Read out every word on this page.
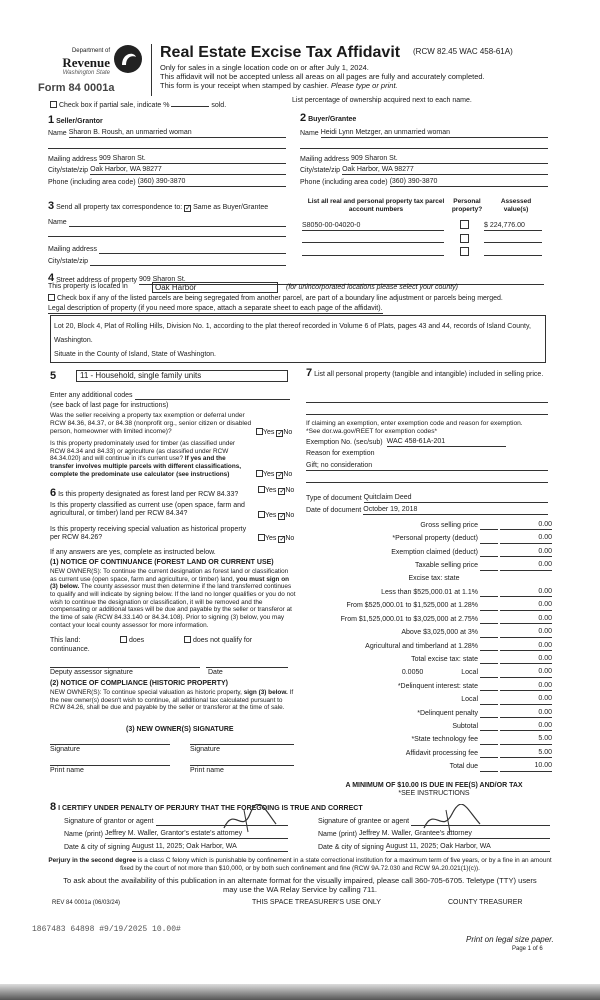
Department of
Revenue
Washington State
Form 84 0001a
Real Estate Excise Tax Affidavit (RCW 82.45 WAC 458-61A)
Only for sales in a single location code on or after July 1, 2024.
This affidavit will not be accepted unless all areas on all pages are fully and accurately completed.
This form is your receipt when stamped by cashier. Please type or print.
Check box if partial sale, indicate %	sold.
List percentage of ownership acquired next to each name.
1 Seller/Grantor
Name Sharon B. Roush, an unmarried woman
Mailing address 909 Sharon St.
City/state/zip Oak Harbor, WA 98277
Phone (including area code) (360) 390-3870
2 Buyer/Grantee
Name Heidi Lynn Metzger, an unmarried woman
Mailing address 909 Sharon St.
City/state/zip Oak Harbor, WA 98277
Phone (including area code) (360) 390-3870
3 Send all property tax correspondence to: ✓ Same as Buyer/Grantee
Name
Mailing address
City/state/zip
List all real and personal property tax parcel account numbers
Personal property?
Assessed value(s)
S8050-00-04020-0	$ 224,776.00
4
Street address of property 909 Sharon St.
This property is located in	Oak Harbor	(for unincorporated locations please select your county)
Check box if any of the listed parcels are being segregated from another parcel, are part of a boundary line adjustment or parcels being merged.
Legal description of property (if you need more space, attach a separate sheet to each page of the affidavit).
Lot 20, Block 4, Plat of Rolling Hills, Division No. 1, according to the plat thereof recorded in Volume 6 of Plats, pages 43 and 44, records of Island County, Washington.
Situate in the County of Island, State of Washington.
5	11 - Household, single family units
Enter any additional codes
(see back of last page for instructions)
Was the seller receiving a property tax exemption or deferral under RCW 84.36, 84.37, or 84.38 (nonprofit org., senior citizen or disabled person, homeowner with limited income)?	Yes ✓No
Is this property predominately used for timber (as classified under RCW 84.34 and 84.33) or agriculture (as classified under RCW 84.34.020) and will continue in it's current use? If yes and the transfer involves multiple parcels with different classifications, complete the predominate use calculator (see instructions)	Yes ✓No
6 Is this property designated as forest land per RCW 84.33?
Yes ✓No
Is this property classified as current use (open space, farm and agricultural, or timber) land per RCW 84.34?	Yes ✓No
Is this property receiving special valuation as historical property per RCW 84.26?	Yes ✓No
If any answers are yes, complete as instructed below.
(1) NOTICE OF CONTINUANCE (FOREST LAND OR CURRENT USE)
NEW OWNER(S): To continue the current designation as forest land or classification as current use (open space, farm and agriculture, or timber) land, you must sign on (3) below. The county assessor must then determine if the land transferred continues to qualify and will indicate by signing below. If the land no longer qualifies or you do not wish to continue the designation or classification, it will be removed and the compensating or additional taxes will be due and payable by the seller or transferor at the time of sale (RCW 84.33.140 or 84.34.108). Prior to signing (3) below, you may contact your local county assessor for more information.
This land:	does	does not qualify for
continuance.
Deputy assessor signature	Date
(2) NOTICE OF COMPLIANCE (HISTORIC PROPERTY)
NEW OWNER(S): To continue special valuation as historic property, sign (3) below. If the new owner(s) doesn't wish to continue, all additional tax calculated pursuant to RCW 84.26, shall be due and payable by the seller or transferor at the time of sale.
(3) NEW OWNER(S) SIGNATURE
Signature	Signature
Print name	Print name
7 List all personal property (tangible and intangible) included in selling price.
If claiming an exemption, enter exemption code and reason for exemption. *See dor.wa.gov/REET for exemption codes*
Exemption No. (sec/sub) WAC 458-61A-201
Reason for exemption
Gift; no consideration
Type of document Quitclaim Deed
Date of document October 19, 2018
Gross selling price	0.00
*Personal property (deduct)	0.00
Exemption claimed (deduct)	0.00
Taxable selling price	0.00
Excise tax: state
Less than $525,000.01 at 1.1%	0.00
From $525,000.01 to $1,525,000 at 1.28%	0.00
From $1,525,000.01 to $3,025,000 at 2.75%	0.00
Above $3,025,000 at 3%	0.00
Agricultural and timberland at 1.28%	0.00
Total excise tax: state	0.00
0.0050	Local	0.00
*Delinquent interest: state	0.00
Local	0.00
*Delinquent penalty	0.00
Subtotal	0.00
*State technology fee	5.00
Affidavit processing fee	5.00
Total due	10.00
A MINIMUM OF $10.00 IS DUE IN FEE(S) AND/OR TAX
*SEE INSTRUCTIONS
8 I CERTIFY UNDER PENALTY OF PERJURY THAT THE FOREGOING IS TRUE AND CORRECT
Signature of grantor or agent	Signature of grantee or agent
Name (print) Jeffrey M. Waller, Grantor's estate's attorney	Name (print) Jeffrey M. Waller, Grantee's attorney
Date & city of signing August 11, 2025; Oak Harbor, WA	Date & city of signing August 11, 2025; Oak Harbor, WA
Perjury in the second degree is a class C felony which is punishable by confinement in a state correctional institution for a maximum term of five years, or by a fine in an amount fixed by the court of not more than $10,000, or by both such confinement and fine (RCW 9A.72.030 and RCW 9A.20.021(1)(c)).
To ask about the availability of this publication in an alternate format for the visually impaired, please call 360-705-6705. Teletype (TTY) users may use the WA Relay Service by calling 711.
REV 84 0001a (06/03/24)	THIS SPACE TREASURER'S USE ONLY	COUNTY TREASURER
1867483 64898 #9/19/2025 10.00#
Print on legal size paper.
Page 1 of 6
